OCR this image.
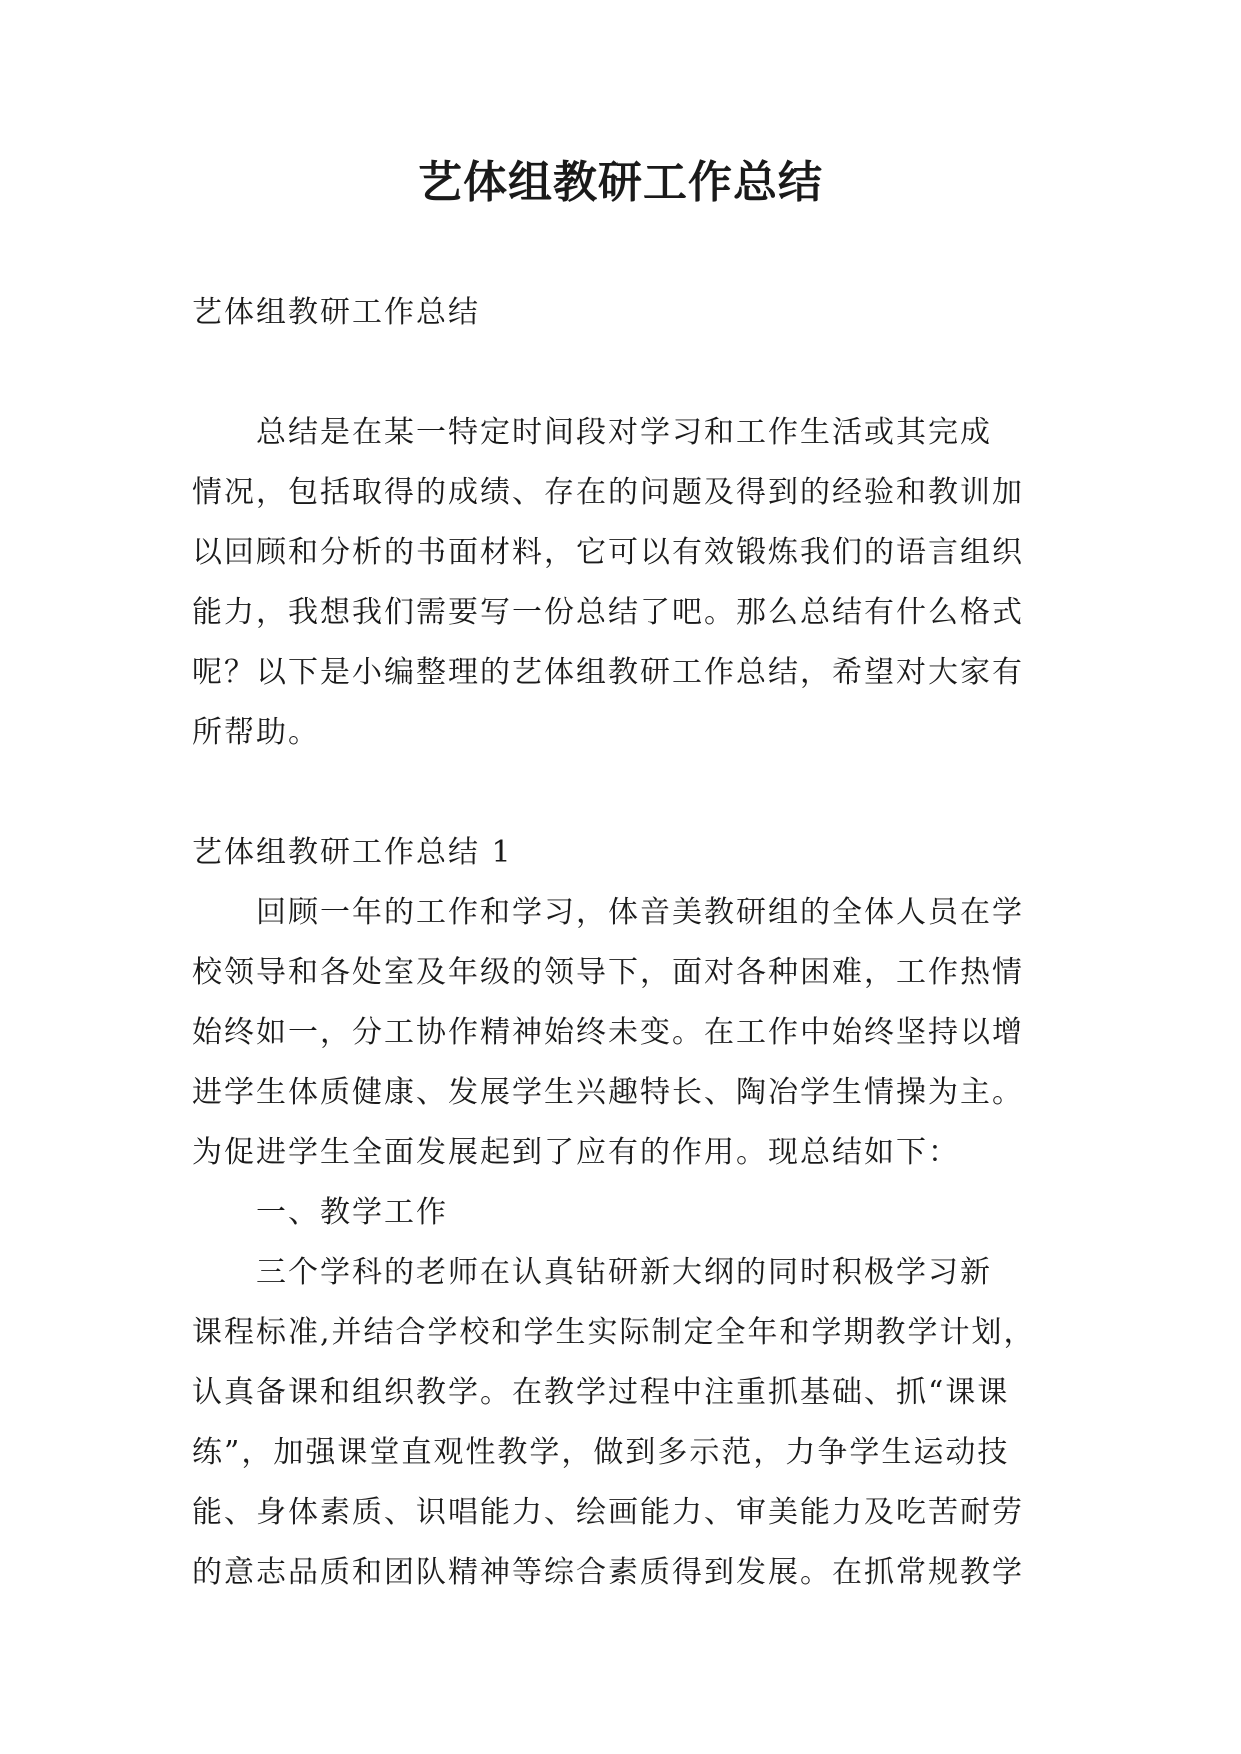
艺体组教研工作总结

艺体组教研工作总结

　　总结是在某一特定时间段对学习和工作生活或其完成

情况，包括取得的成绩、存在的问题及得到的经验和教训加

以回顾和分析的书面材料，它可以有效锻炼我们的语言组织

能力，我想我们需要写一份总结了吧。那么总结有什么格式

呢？以下是小编整理的艺体组教研工作总结，希望对大家有

所帮助。

艺体组教研工作总结 1

　　回顾一年的工作和学习，体音美教研组的全体人员在学

校领导和各处室及年级的领导下，面对各种困难，工作热情

始终如一，分工协作精神始终未变。在工作中始终坚持以增

进学生体质健康、发展学生兴趣特长、陶冶学生情操为主。

为促进学生全面发展起到了应有的作用。现总结如下：

　　一、教学工作

　　三个学科的老师在认真钻研新大纲的同时积极学习新

课程标准,并结合学校和学生实际制定全年和学期教学计划，

认真备课和组织教学。在教学过程中注重抓基础、抓“课课

练”，加强课堂直观性教学，做到多示范，力争学生运动技

能、身体素质、识唱能力、绘画能力、审美能力及吃苦耐劳

的意志品质和团队精神等综合素质得到发展。在抓常规教学
